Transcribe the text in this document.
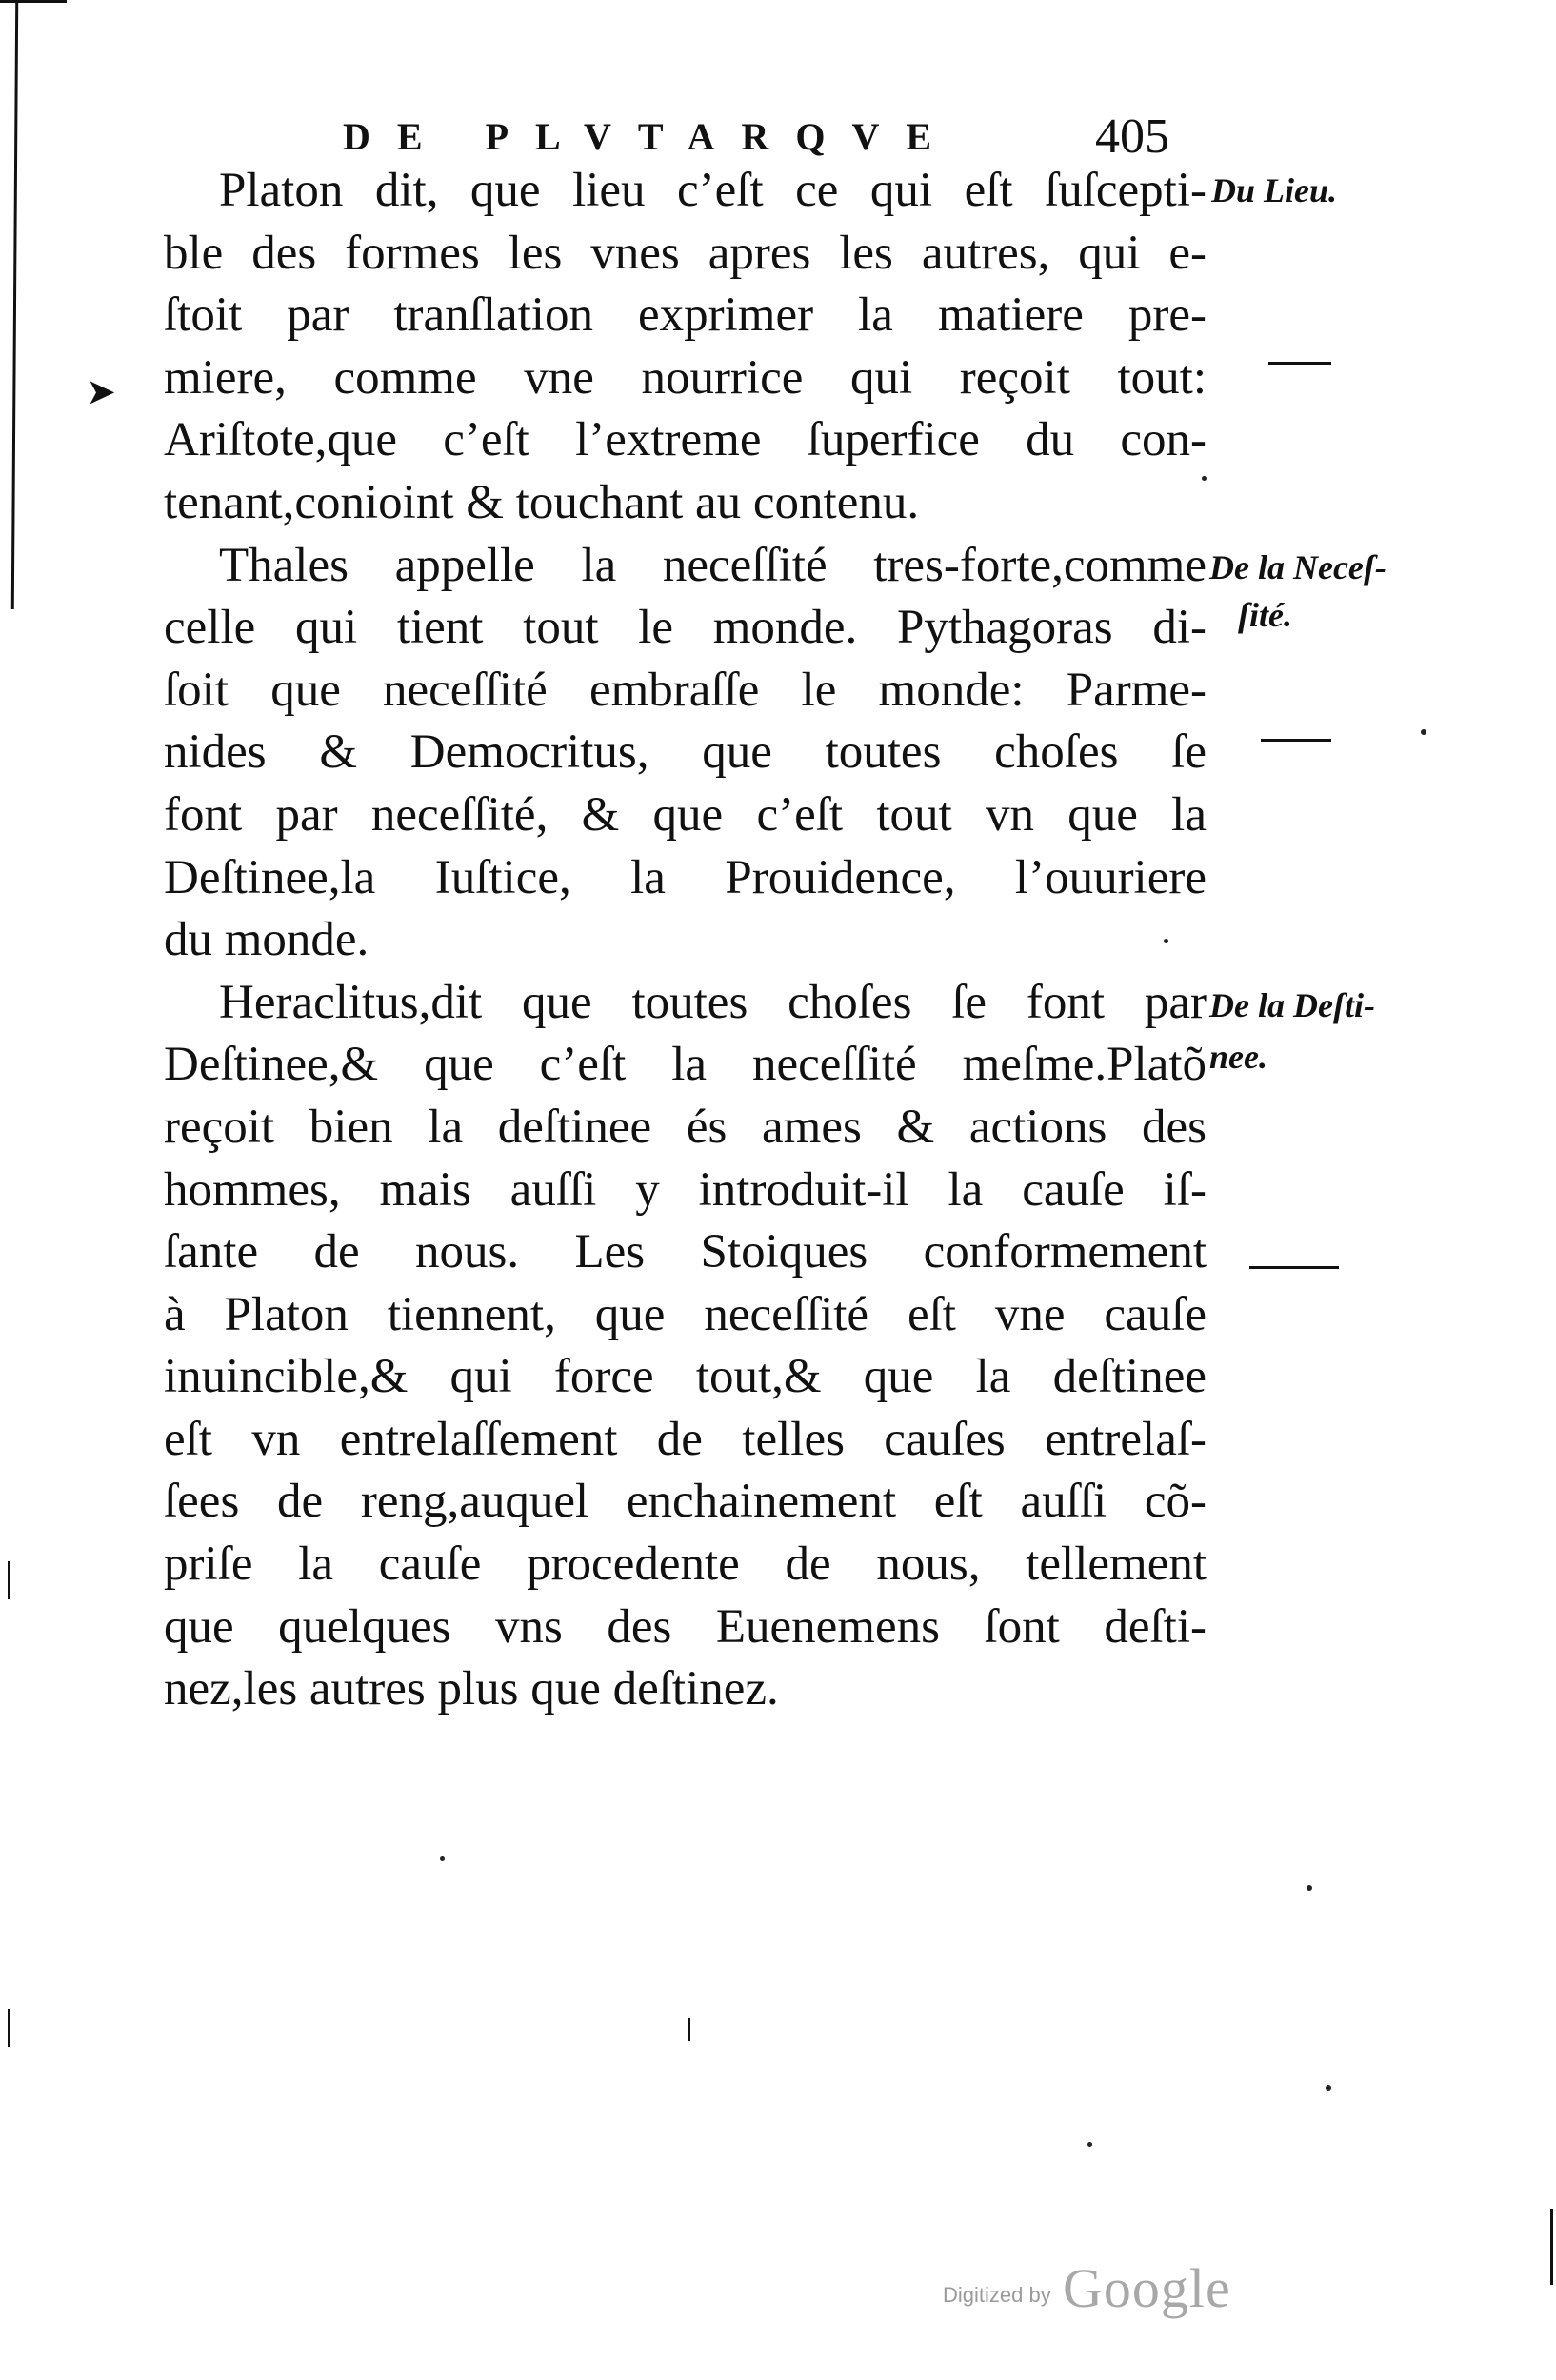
DE PLVTARQVE	405
➤
Platon dit, que lieu c’eſt ce qui eſt ſuſcepti-
ble des formes les vnes apres les autres, qui e-
ſtoit par tranſlation exprimer la matiere pre-
miere, comme vne nourrice qui reçoit tout:
Ariſtote,que c’eſt l’extreme ſuperfice du con-
tenant,conioint & touchant au contenu.
Thales appelle la neceſſité tres-forte,comme
celle qui tient tout le monde. Pythagoras di-
ſoit que neceſſité embraſſe le monde: Parme-
nides & Democritus, que toutes choſes ſe
font par neceſſité, & que c’eſt tout vn que la
Deſtinee,la Iuſtice, la Prouidence, l’ouuriere
du monde.
Heraclitus,dit que toutes choſes ſe font par
Deſtinee,& que c’eſt la neceſſité meſme.Platõ
reçoit bien la deſtinee és ames & actions des
hommes, mais auſſi y introduit-il la cauſe iſ-
ſante de nous. Les Stoiques conformement
à Platon tiennent, que neceſſité eſt vne cauſe
inuincible,& qui force tout,& que la deſtinee
eſt vn entrelaſſement de telles cauſes entrelaſ-
ſees de reng,auquel enchainement eſt auſſi cõ-
priſe la cauſe procedente de nous, tellement
que quelques vns des Euenemens ſont deſti-
nez,les autres plus que deſtinez.
Du Lieu.
De la Neceſ-
ſité.
De la Deſti-
nee.
Digitized by Google
